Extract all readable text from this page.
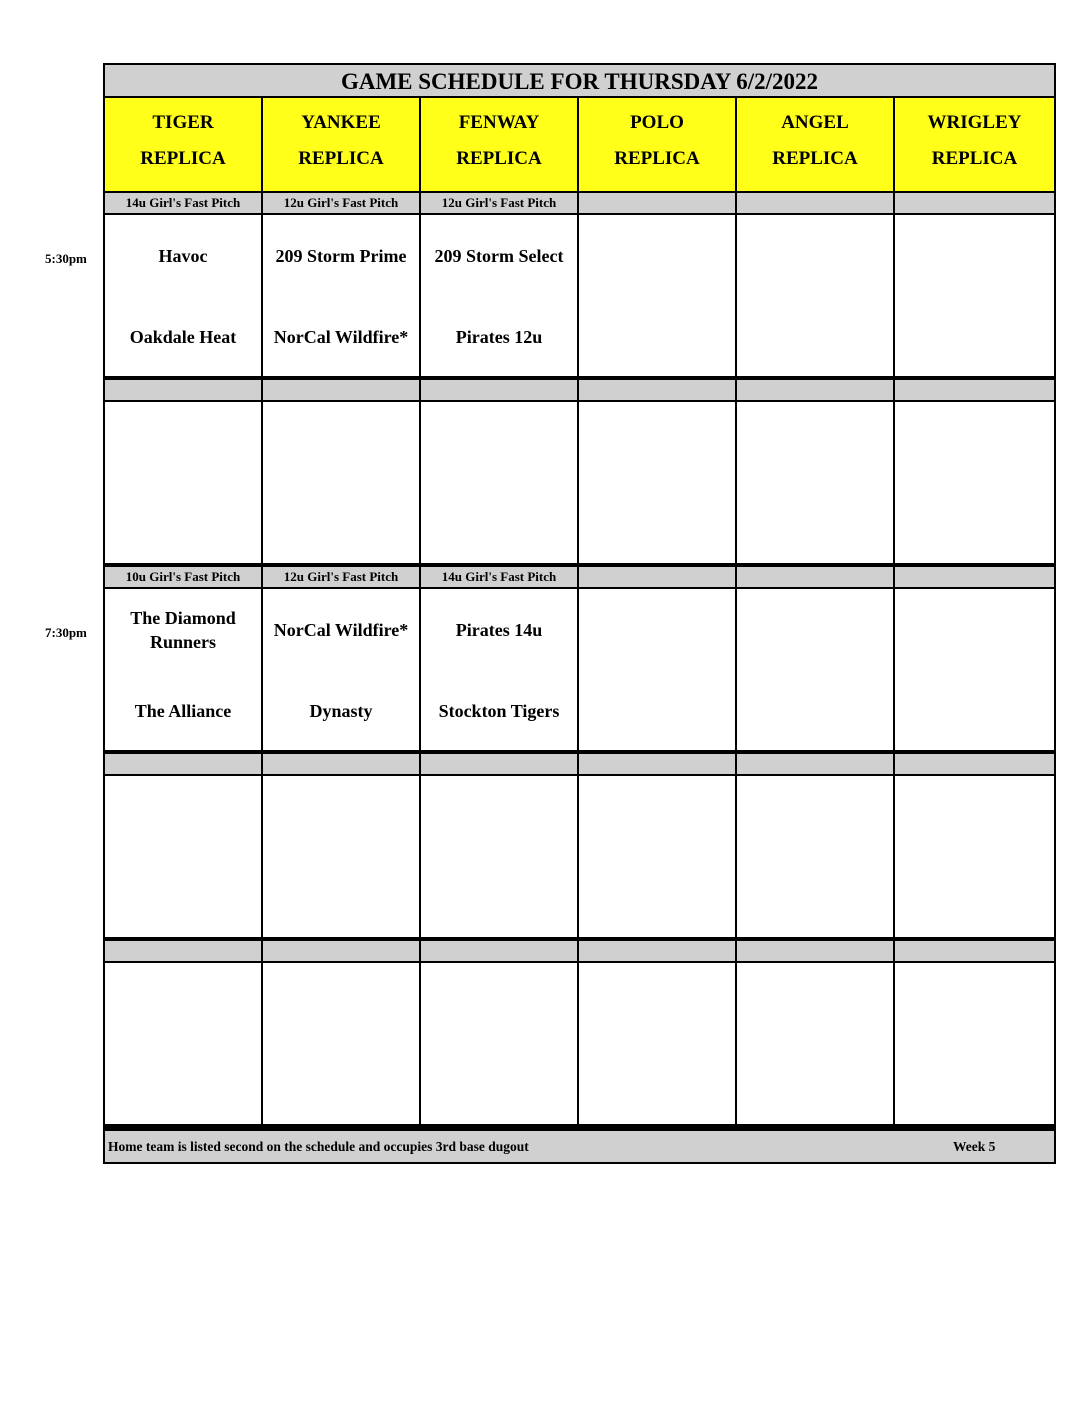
5:30pm
7:30pm
GAME SCHEDULE FOR THURSDAY 6/2/2022
Home team is listed second on the schedule and occupies 3rd base dugout	Week 5
TIGER
REPLICA
YANKEE
REPLICA
FENWAY
REPLICA
POLO
REPLICA
ANGEL
REPLICA
WRIGLEY
REPLICA
14u Girl's Fast Pitch
Havoc
Oakdale Heat
12u Girl's Fast Pitch
209 Storm Prime
NorCal Wildfire*
12u Girl's Fast Pitch
209 Storm Select
Pirates 12u
10u Girl's Fast Pitch
The Diamond Runners
The Alliance
12u Girl's Fast Pitch
NorCal Wildfire*
Dynasty
14u Girl's Fast Pitch
Pirates 14u
Stockton Tigers
